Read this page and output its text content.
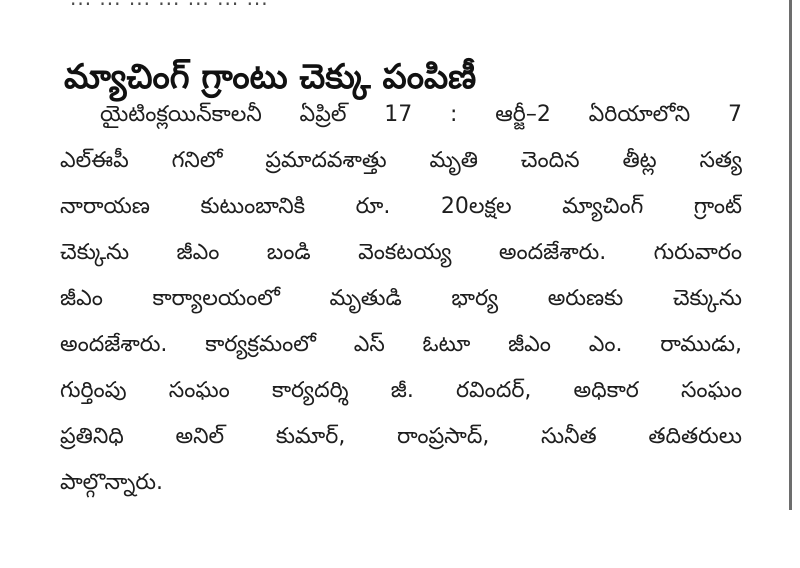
మ్యాచింగ్ గ్రాంటు చెక్కు పంపిణీ
యైటింక్లయిన్‌కాలనీ ఏప్రిల్ 17 : ఆర్జీ–2 ఏరియాలోని 7
ఎల్ఈపీ గనిలో ప్రమాదవశాత్తు మృతి చెందిన తీట్ల సత్య
నారాయణ కుటుంబానికి రూ. 20లక్షల మ్యాచింగ్ గ్రాంట్
చెక్కును జీఎం బండి వెంకటయ్య అందజేశారు. గురువారం
జీఎం కార్యాలయంలో మృతుడి భార్య అరుణకు చెక్కును
అందజేశారు. కార్యక్రమంలో ఎస్ ఓటూ జీఎం ఎం. రాముడు,
గుర్తింపు సంఘం కార్యదర్శి జీ. రవిందర్, అధికార సంఘం
ప్రతినిధి అనిల్ కుమార్, రాంప్రసాద్, సునీత తదితరులు
పాల్గొన్నారు.
